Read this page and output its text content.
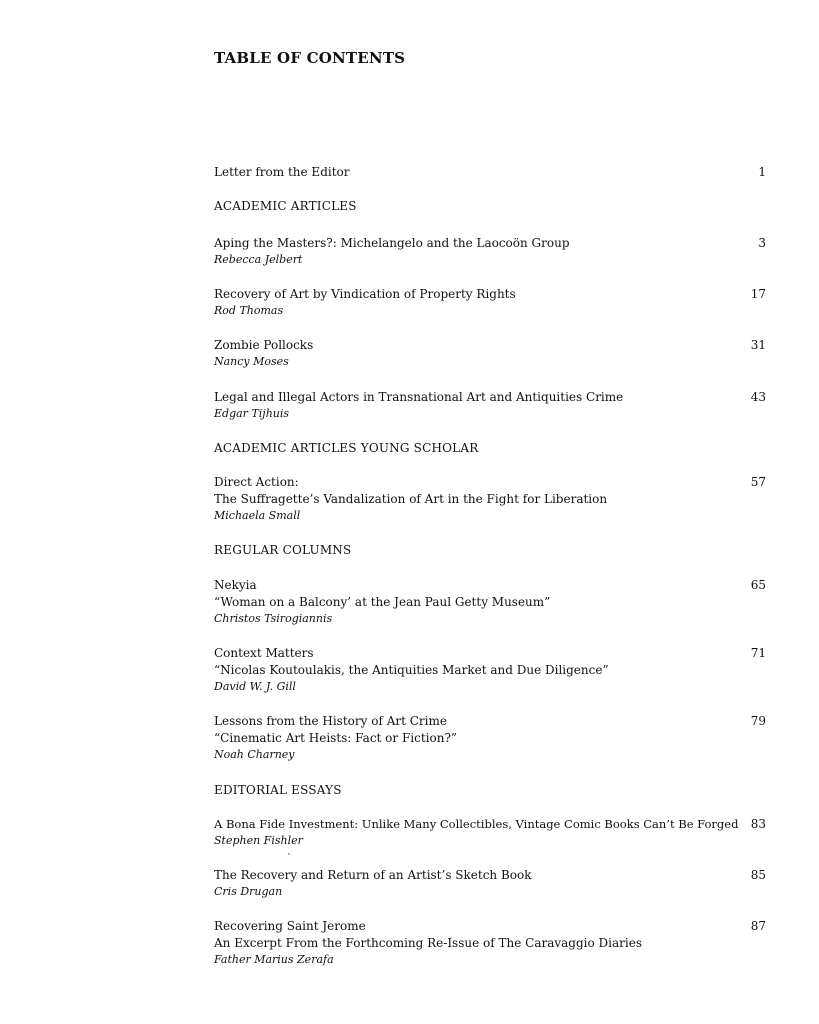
TABLE OF CONTENTS
Letter from the Editor	1
ACADEMIC ARTICLES
Aping the Masters?: Michelangelo and the Laocoön Group	3
Rebecca Jelbert
Recovery of Art by Vindication of Property Rights	17
Rod Thomas
Zombie Pollocks	31
Nancy Moses
Legal and Illegal Actors in Transnational Art and Antiquities Crime	43
Edgar Tijhuis
ACADEMIC ARTICLES YOUNG SCHOLAR
Direct Action:	57
The Suffragette’s Vandalization of Art in the Fight for Liberation
Michaela Small
REGULAR COLUMNS
Nekyia	65
“Woman on a Balcony’ at the Jean Paul Getty Museum”
Christos Tsirogiannis
Context Matters	71
“Nicolas Koutoulakis, the Antiquities Market and Due Diligence”
David W. J. Gill
Lessons from the History of Art Crime	79
“Cinematic Art Heists: Fact or Fiction?”
Noah Charney
EDITORIAL ESSAYS
A Bona Fide Investment: Unlike Many Collectibles, Vintage Comic Books Can’t Be Forged	83
Stephen Fishler
`
The Recovery and Return of an Artist’s Sketch Book	85
Cris Drugan
Recovering Saint Jerome	87
An Excerpt From the Forthcoming Re-Issue of The Caravaggio Diaries
Father Marius Zerafa
